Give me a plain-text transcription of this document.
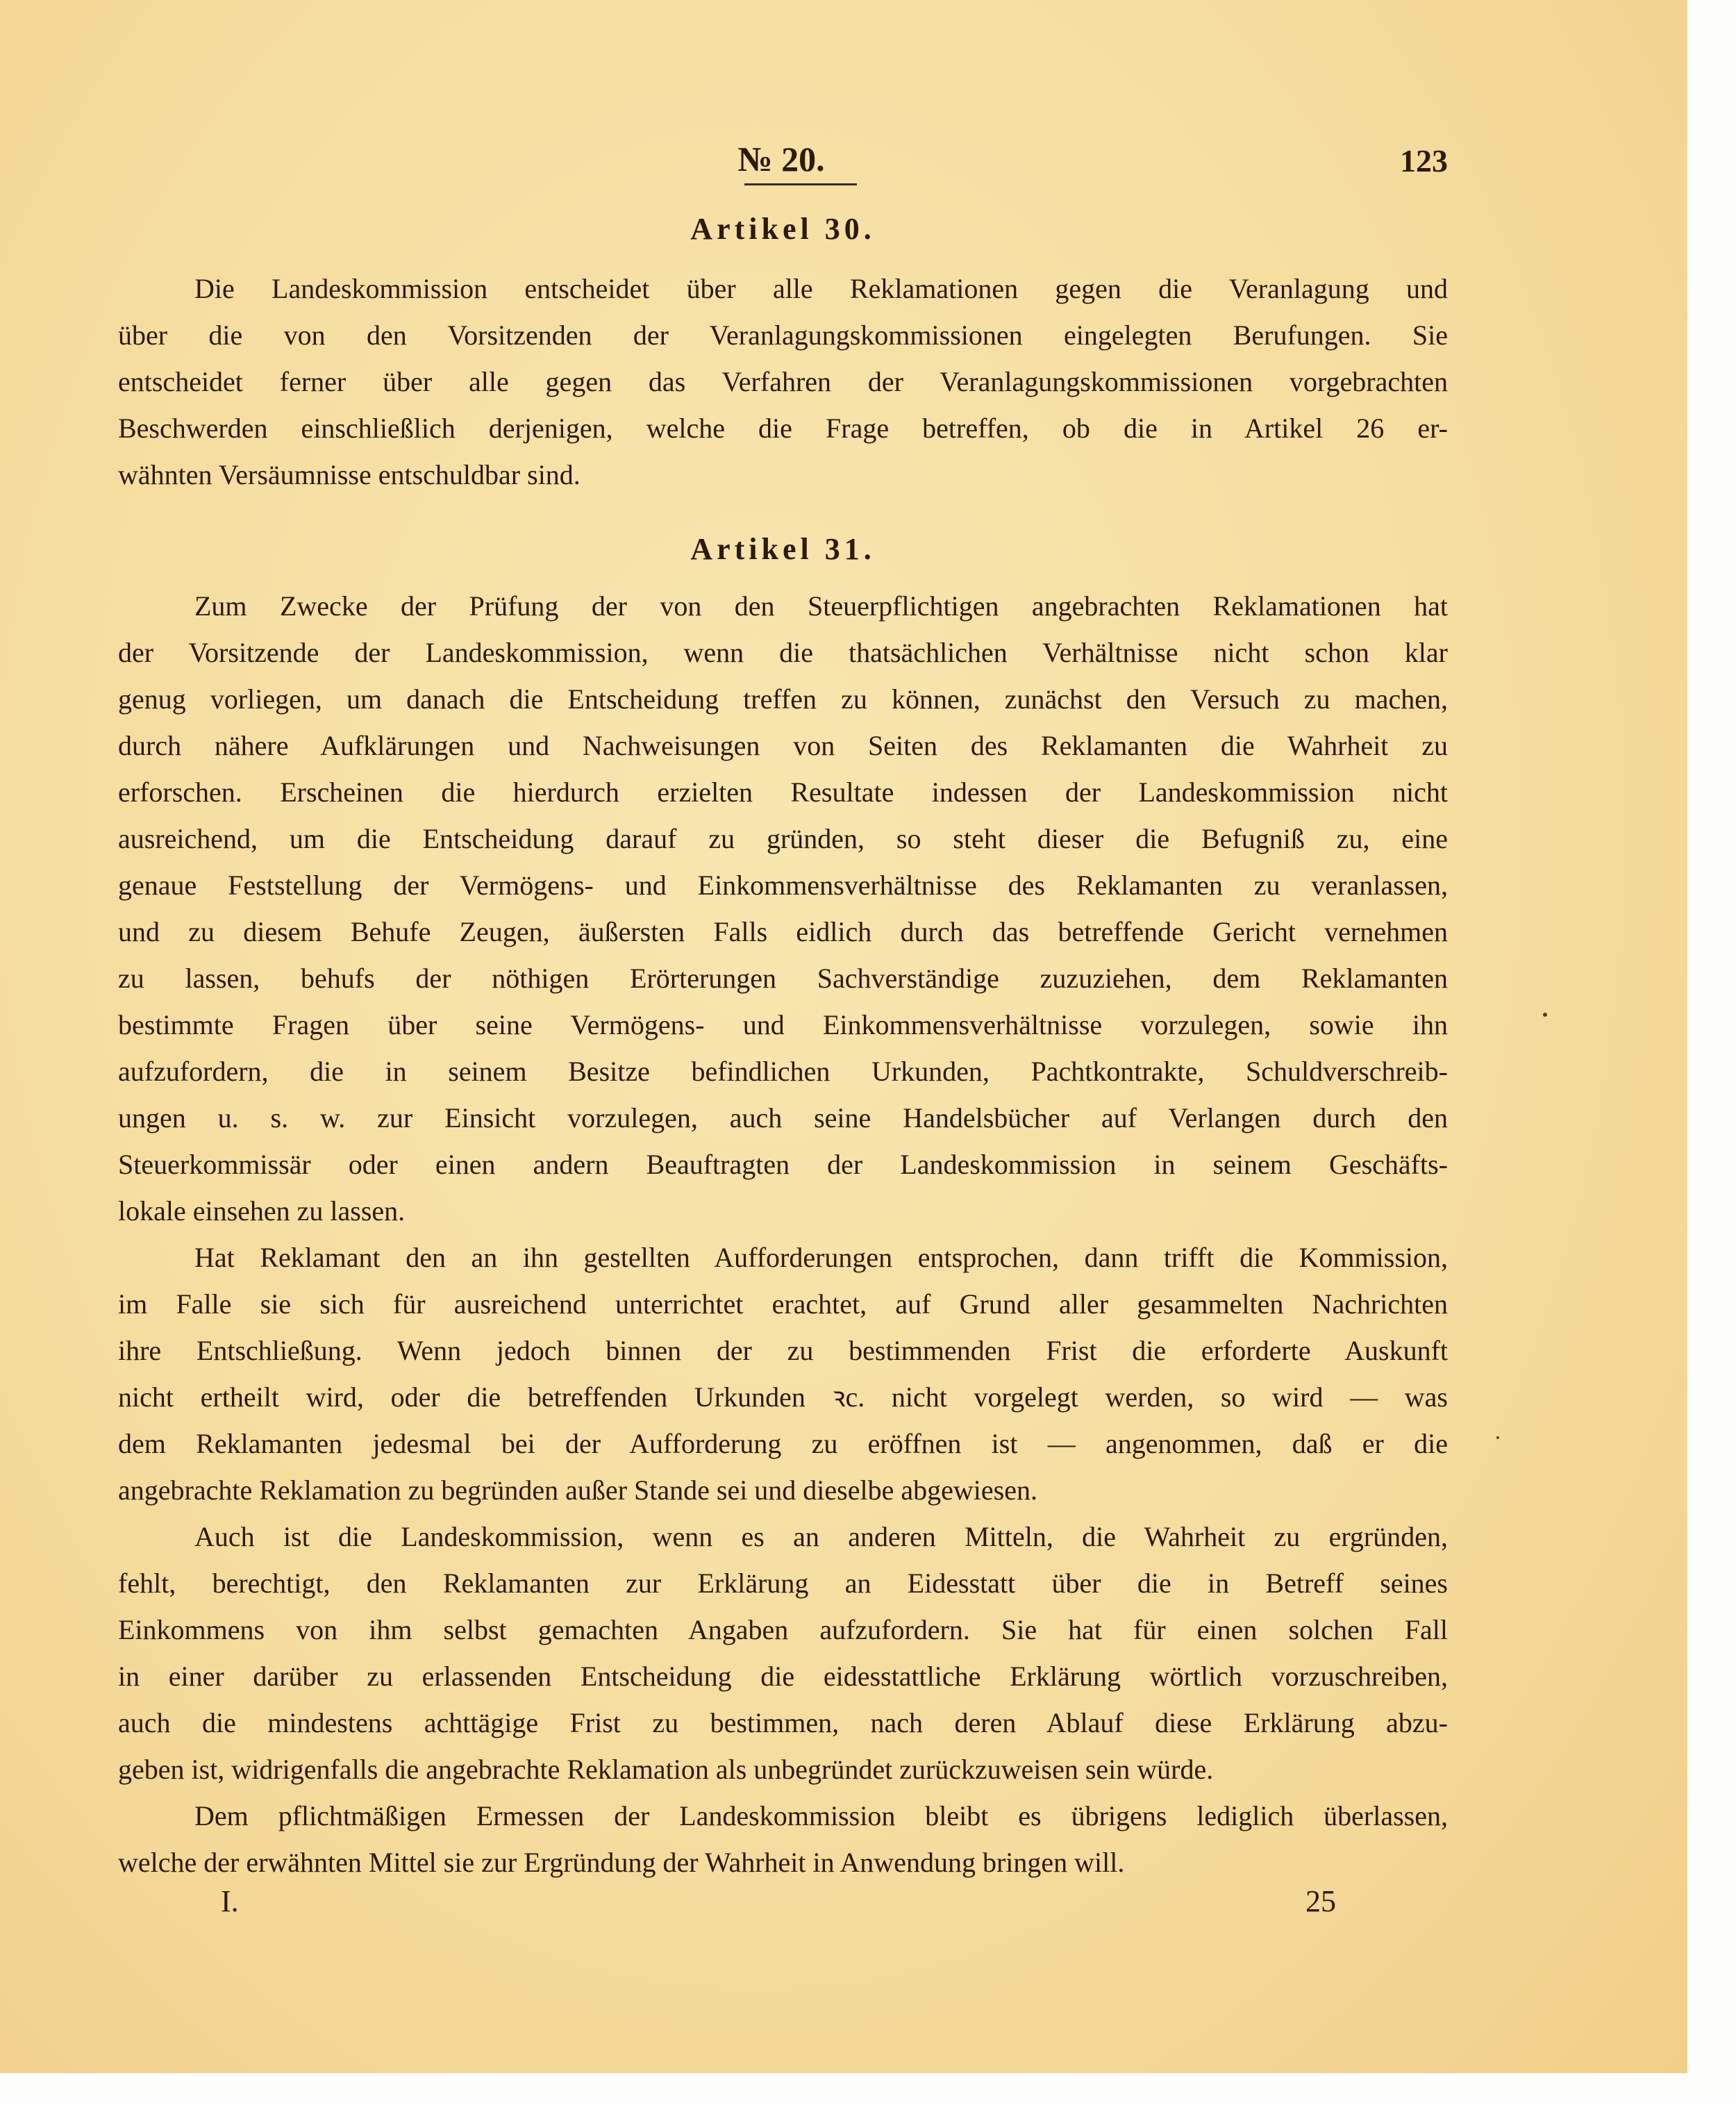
№ 20.	123
Artikel 30.
Die Landeskommission entscheidet über alle Reklamationen gegen die Veranlagung und
über die von den Vorsitzenden der Veranlagungskommissionen eingelegten Berufungen. Sie
entscheidet ferner über alle gegen das Verfahren der Veranlagungskommissionen vorgebrachten
Beschwerden einschließlich derjenigen, welche die Frage betreffen, ob die in Artikel 26 er-
wähnten Versäumnisse entschuldbar sind.
Artikel 31.
Zum Zwecke der Prüfung der von den Steuerpflichtigen angebrachten Reklamationen hat
der Vorsitzende der Landeskommission, wenn die thatsächlichen Verhältnisse nicht schon klar
genug vorliegen, um danach die Entscheidung treffen zu können, zunächst den Versuch zu machen,
durch nähere Aufklärungen und Nachweisungen von Seiten des Reklamanten die Wahrheit zu
erforschen. Erscheinen die hierdurch erzielten Resultate indessen der Landeskommission nicht
ausreichend, um die Entscheidung darauf zu gründen, so steht dieser die Befugniß zu, eine
genaue Feststellung der Vermögens- und Einkommensverhältnisse des Reklamanten zu veranlassen,
und zu diesem Behufe Zeugen, äußersten Falls eidlich durch das betreffende Gericht vernehmen
zu lassen, behufs der nöthigen Erörterungen Sachverständige zuzuziehen, dem Reklamanten
bestimmte Fragen über seine Vermögens- und Einkommensverhältnisse vorzulegen, sowie ihn
aufzufordern, die in seinem Besitze befindlichen Urkunden, Pachtkontrakte, Schuldverschreib-
ungen u. s. w. zur Einsicht vorzulegen, auch seine Handelsbücher auf Verlangen durch den
Steuerkommissär oder einen andern Beauftragten der Landeskommission in seinem Geschäfts-
lokale einsehen zu lassen.
Hat Reklamant den an ihn gestellten Aufforderungen entsprochen, dann trifft die Kommission,
im Falle sie sich für ausreichend unterrichtet erachtet, auf Grund aller gesammelten Nachrichten
ihre Entschließung. Wenn jedoch binnen der zu bestimmenden Frist die erforderte Auskunft
nicht ertheilt wird, oder die betreffenden Urkunden ꝛc. nicht vorgelegt werden, so wird — was
dem Reklamanten jedesmal bei der Aufforderung zu eröffnen ist — angenommen, daß er die
angebrachte Reklamation zu begründen außer Stande sei und dieselbe abgewiesen.
Auch ist die Landeskommission, wenn es an anderen Mitteln, die Wahrheit zu ergründen,
fehlt, berechtigt, den Reklamanten zur Erklärung an Eidesstatt über die in Betreff seines
Einkommens von ihm selbst gemachten Angaben aufzufordern. Sie hat für einen solchen Fall
in einer darüber zu erlassenden Entscheidung die eidesstattliche Erklärung wörtlich vorzuschreiben,
auch die mindestens achttägige Frist zu bestimmen, nach deren Ablauf diese Erklärung abzu-
geben ist, widrigenfalls die angebrachte Reklamation als unbegründet zurückzuweisen sein würde.
Dem pflichtmäßigen Ermessen der Landeskommission bleibt es übrigens lediglich überlassen,
welche der erwähnten Mittel sie zur Ergründung der Wahrheit in Anwendung bringen will.
I.	25
